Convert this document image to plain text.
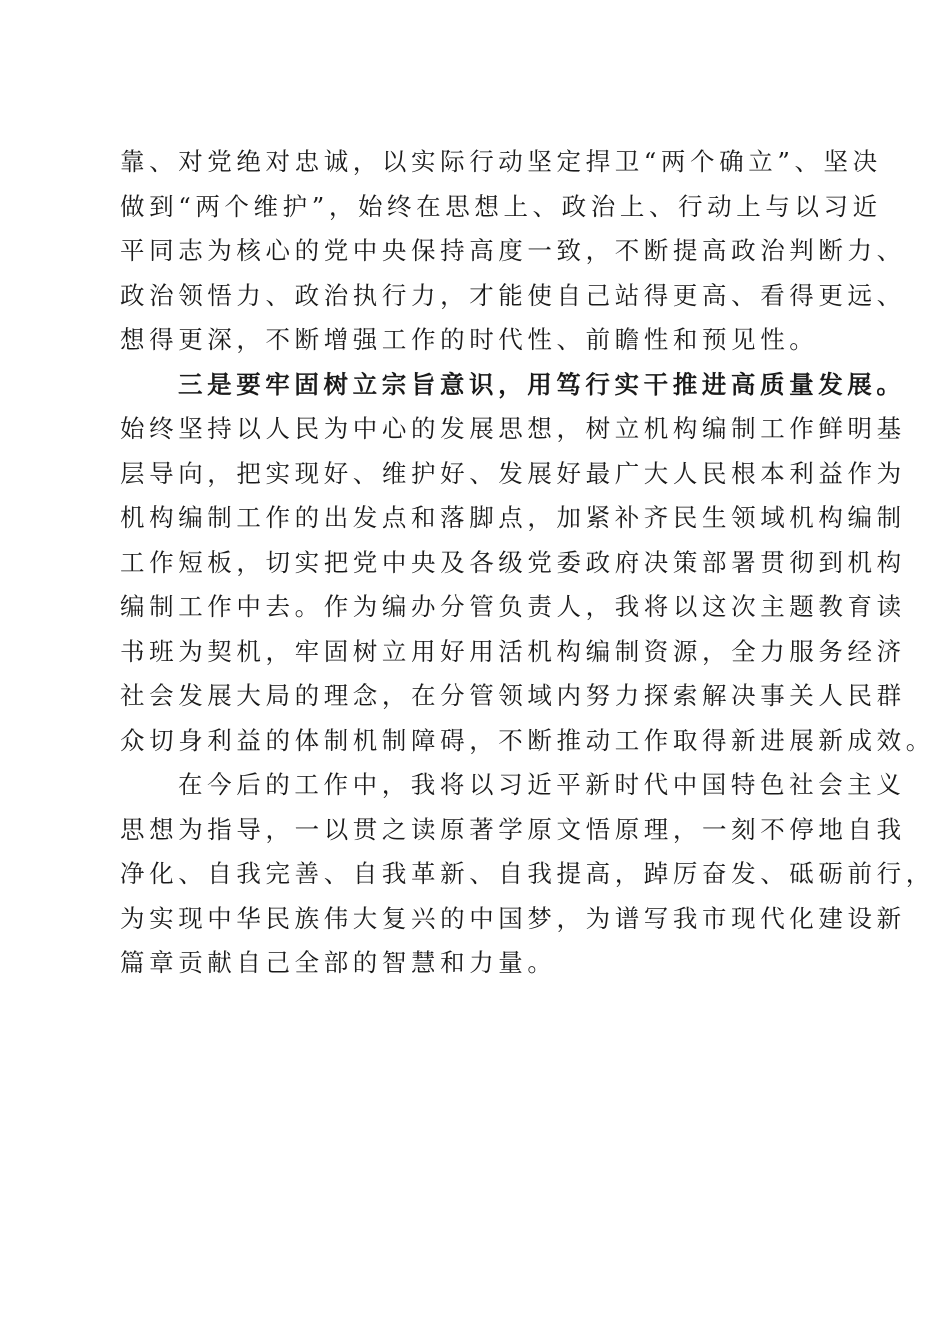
靠、对党绝对忠诚，以实际行动坚定捍卫“两个确立”、坚决
做到“两个维护”，始终在思想上、政治上、行动上与以习近
平同志为核心的党中央保持高度一致，不断提高政治判断力、
政治领悟力、政治执行力，才能使自己站得更高、看得更远、
想得更深，不断增强工作的时代性、前瞻性和预见性。
三是要牢固树立宗旨意识，用笃行实干推进高质量发展。
始终坚持以人民为中心的发展思想，树立机构编制工作鲜明基
层导向，把实现好、维护好、发展好最广大人民根本利益作为
机构编制工作的出发点和落脚点，加紧补齐民生领域机构编制
工作短板，切实把党中央及各级党委政府决策部署贯彻到机构
编制工作中去。作为编办分管负责人，我将以这次主题教育读
书班为契机，牢固树立用好用活机构编制资源，全力服务经济
社会发展大局的理念，在分管领域内努力探索解决事关人民群
众切身利益的体制机制障碍，不断推动工作取得新进展新成效。
在今后的工作中，我将以习近平新时代中国特色社会主义
思想为指导，一以贯之读原著学原文悟原理，一刻不停地自我
净化、自我完善、自我革新、自我提高，踔厉奋发、砥砺前行，
为实现中华民族伟大复兴的中国梦，为谱写我市现代化建设新
篇章贡献自己全部的智慧和力量。
